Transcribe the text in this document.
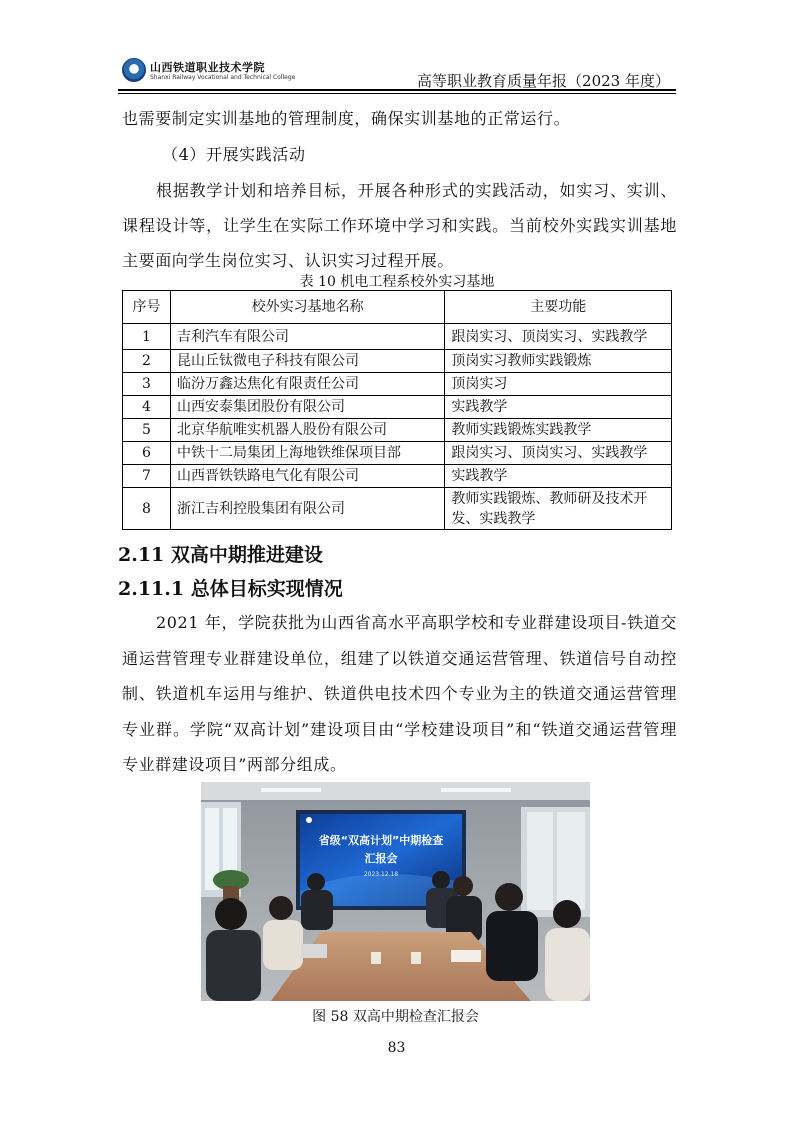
山西铁道职业技术学院
Shanxi Railway Vocational and Technical College	高等职业教育质量年报（2023 年度）
也需要制定实训基地的管理制度，确保实训基地的正常运行。
（4）开展实践活动
根据教学计划和培养目标，开展各种形式的实践活动，如实习、实训、课程设计等，让学生在实际工作环境中学习和实践。当前校外实践实训基地主要面向学生岗位实习、认识实习过程开展。
表 10 机电工程系校外实习基地
序号	校外实习基地名称	主要功能
1	吉利汽车有限公司	跟岗实习、顶岗实习、实践教学
2	昆山丘钛微电子科技有限公司	顶岗实习教师实践锻炼
3	临汾万鑫达焦化有限责任公司	顶岗实习
4	山西安泰集团股份有限公司	实践教学
5	北京华航唯实机器人股份有限公司	教师实践锻炼实践教学
6	中铁十二局集团上海地铁维保项目部	跟岗实习、顶岗实习、实践教学
7	山西晋铁铁路电气化有限公司	实践教学
8	浙江吉利控股集团有限公司	教师实践锻炼、教师研及技术开发、实践教学
2.11 双高中期推进建设
2.11.1 总体目标实现情况
2021 年，学院获批为山西省高水平高职学校和专业群建设项目-铁道交通运营管理专业群建设单位，组建了以铁道交通运营管理、铁道信号自动控制、铁道机车运用与维护、铁道供电技术四个专业为主的铁道交通运营管理专业群。学院“双高计划”建设项目由“学校建设项目”和“铁道交通运营管理专业群建设项目”两部分组成。
省级“双高计划”中期检查
汇报会
2023.12.18
图 58 双高中期检查汇报会
83
